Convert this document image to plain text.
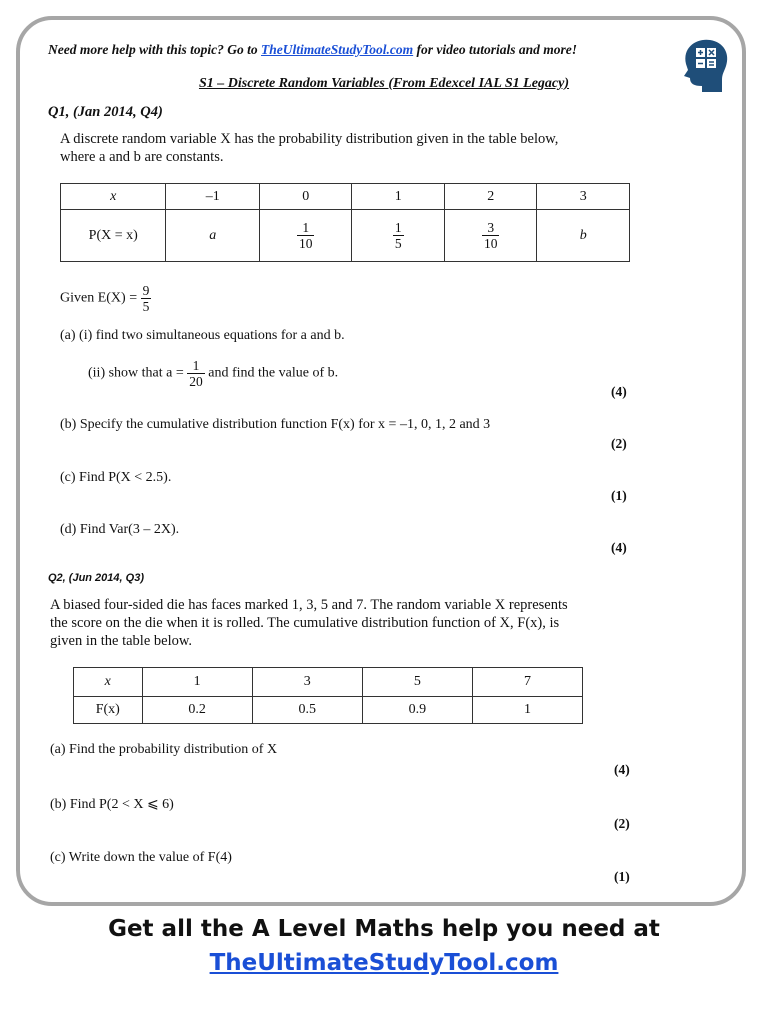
Need more help with this topic? Go to TheUltimateStudyTool.com for video tutorials and more!
S1 – Discrete Random Variables (From Edexcel IAL S1 Legacy)
Q1, (Jan 2014, Q4)
A discrete random variable X has the probability distribution given in the table below,
where a and b are constants.
x	–1	0	1	2	3
P(X = x)	a	$\frac{1}{10}$	$\frac{1}{5}$	$\frac{3}{10}$	b
Given $E(X) = \frac{9}{5}$
(a) (i) find two simultaneous equations for a and b.
(ii) show that $a = \frac{1}{20}$ and find the value of b.
(4)
(b) Specify the cumulative distribution function F(x) for x = –1, 0, 1, 2 and 3
(2)
(c) Find P(X < 2.5).
(1)
(d) Find Var(3 – 2X).
(4)
Q2, (Jun 2014, Q3)
A biased four-sided die has faces marked 1, 3, 5 and 7. The random variable X represents
the score on the die when it is rolled. The cumulative distribution function of X, F(x), is
given in the table below.
x	1	3	5	7
F(x)	0.2	0.5	0.9	1
(a) Find the probability distribution of X
(4)
(b) Find P(2 < X ⩽ 6)
(2)
(c) Write down the value of F(4)
(1)
Get all the A Level Maths help you need at
TheUltimateStudyTool.com
